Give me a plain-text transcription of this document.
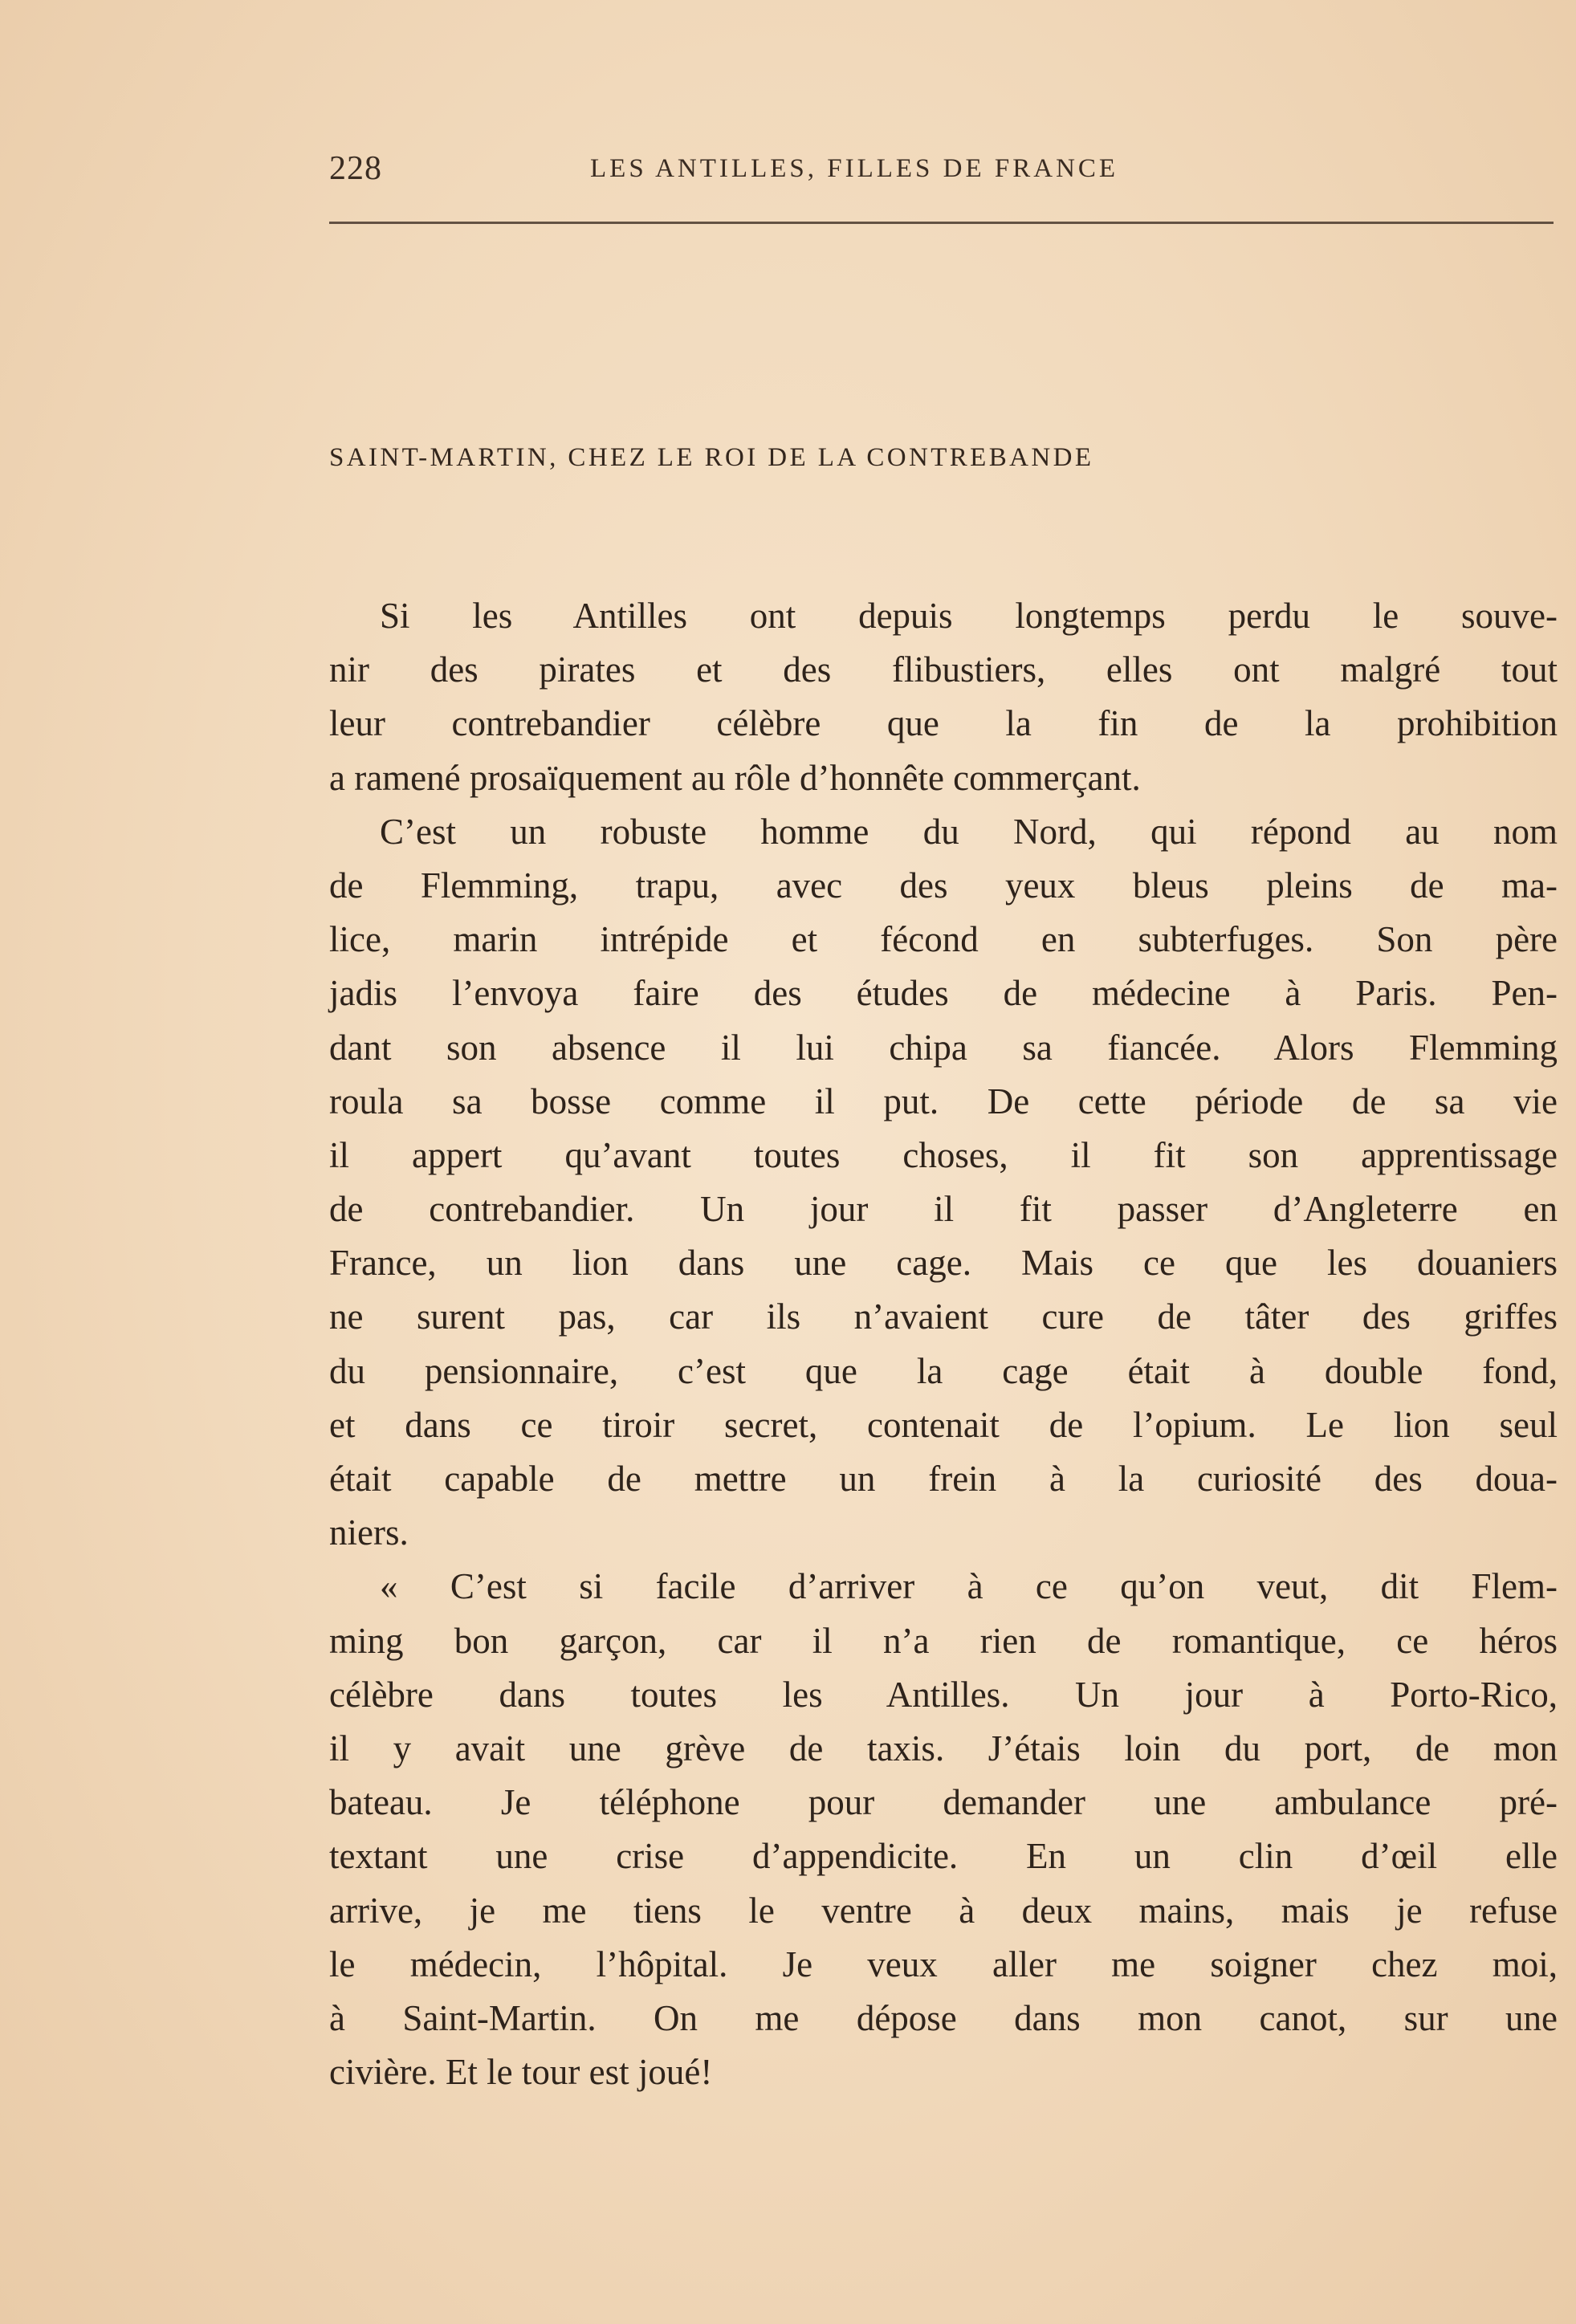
228	LES ANTILLES, FILLES DE FRANCE
SAINT-MARTIN, CHEZ LE ROI DE LA CONTREBANDE
Si les Antilles ont depuis longtemps perdu le souve-
nir des pirates et des flibustiers, elles ont malgré tout
leur contrebandier célèbre que la fin de la prohibition
a ramené prosaïquement au rôle d’honnête commerçant.
C’est un robuste homme du Nord, qui répond au nom
de Flemming, trapu, avec des yeux bleus pleins de ma-
lice, marin intrépide et fécond en subterfuges. Son père
jadis l’envoya faire des études de médecine à Paris. Pen-
dant son absence il lui chipa sa fiancée. Alors Flemming
roula sa bosse comme il put. De cette période de sa vie
il appert qu’avant toutes choses, il fit son apprentissage
de contrebandier. Un jour il fit passer d’Angleterre en
France, un lion dans une cage. Mais ce que les douaniers
ne surent pas, car ils n’avaient cure de tâter des griffes
du pensionnaire, c’est que la cage était à double fond,
et dans ce tiroir secret, contenait de l’opium. Le lion seul
était capable de mettre un frein à la curiosité des doua-
niers.
« C’est si facile d’arriver à ce qu’on veut, dit Flem-
ming bon garçon, car il n’a rien de romantique, ce héros
célèbre dans toutes les Antilles. Un jour à Porto-Rico,
il y avait une grève de taxis. J’étais loin du port, de mon
bateau. Je téléphone pour demander une ambulance pré-
textant une crise d’appendicite. En un clin d’œil elle
arrive, je me tiens le ventre à deux mains, mais je refuse
le médecin, l’hôpital. Je veux aller me soigner chez moi,
à Saint-Martin. On me dépose dans mon canot, sur une
civière. Et le tour est joué!
